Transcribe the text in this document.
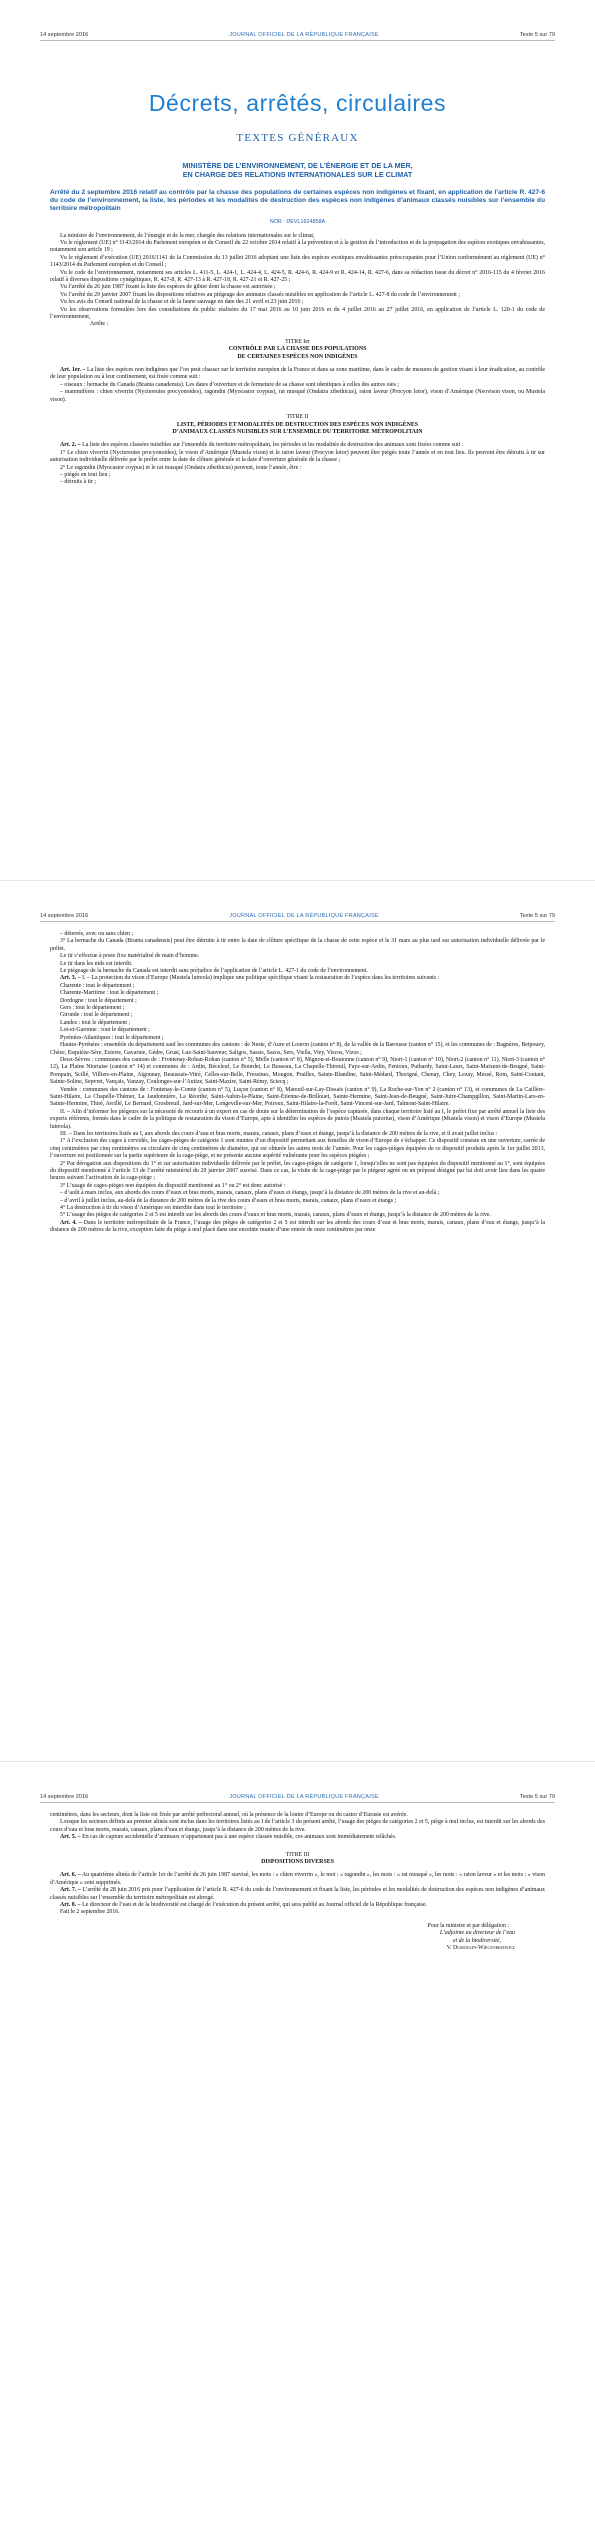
14 septembre 2016	JOURNAL OFFICIEL DE LA RÉPUBLIQUE FRANÇAISE	Texte 5 sur 79

Décrets, arrêtés, circulaires

TEXTES GÉNÉRAUX

MINISTÈRE DE L’ENVIRONNEMENT, DE L’ÉNERGIE ET DE LA MER,

EN CHARGE DES RELATIONS INTERNATIONALES SUR LE CLIMAT

Arrêté du 2 septembre 2016 relatif au contrôle par la chasse des populations de certaines espèces non indigènes et fixant, en application de l’article R. 427-6 du code de l’environnement, la liste, les périodes et les modalités de destruction des espèces non indigènes d’animaux classés nuisibles sur l’ensemble du territoire métropolitain

NOR : DEVL1624858A

La ministre de l’environnement, de l’énergie et de la mer, chargée des relations internationales sur le climat,

Vu le règlement (UE) n° 1143/2014 du Parlement européen et du Conseil du 22 octobre 2014 relatif à la prévention et à la gestion de l’introduction et de la propagation des espèces exotiques envahissantes, notamment son article 19 ;

Vu le règlement d’exécution (UE) 2016/1141 de la Commission du 13 juillet 2016 adoptant une liste des espèces exotiques envahissantes préoccupantes pour l’Union conformément au règlement (UE) n° 1143/2014 du Parlement européen et du Conseil ;

Vu le code de l’environnement, notamment ses articles L. 411-5, L. 424-1, L. 424-4, L. 424-5, R. 424-6, R. 424-9 et R. 424-14, R. 427-6, dans sa rédaction issue du décret n° 2016-115 du 4 février 2016 relatif à diverses dispositions cynégétiques, R. 427-8, R. 427-13 à R. 427-18, R. 427-21 et R. 427-25 ;

Vu l’arrêté du 26 juin 1987 fixant la liste des espèces de gibier dont la chasse est autorisée ;

Vu l’arrêté du 29 janvier 2007 fixant les dispositions relatives au piégeage des animaux classés nuisibles en application de l’article L. 427-8 du code de l’environnement ;

Vu les avis du Conseil national de la chasse et de la faune sauvage en date des 21 avril et 23 juin 2016 ;

Vu les observations formulées lors des consultations du public réalisées du 17 mai 2016 au 10 juin 2016 et du 4 juillet 2016 au 27 juillet 2016, en application de l’article L. 120-1 du code de l’environnement,

Arrête :

TITRE Ier

CONTRÔLE PAR LA CHASSE DES POPULATIONS

DE CERTAINES ESPÈCES NON INDIGÈNES

Art. 1er. – La liste des espèces non indigènes que l’on peut chasser sur le territoire européen de la France et dans sa zone maritime, dans le cadre de mesures de gestion visant à leur éradication, au contrôle de leur population ou à leur confinement, est fixée comme suit :

– oiseaux : bernache du Canada (Branta canadensis). Les dates d’ouverture et de fermeture de sa chasse sont identiques à celles des autres oies ;

– mammifères : chien viverrin (Nyctereutes procyonoides), ragondin (Myocastor coypus), rat musqué (Ondatra zibethicus), raton laveur (Procyon lotor), vison d’Amérique (Neovison vison, ou Mustela vison).

TITRE II

LISTE, PÉRIODES ET MODALITÉS DE DESTRUCTION DES ESPÈCES NON INDIGÈNES

D’ANIMAUX CLASSÉS NUISIBLES SUR L’ENSEMBLE DU TERRITOIRE MÉTROPOLITAIN

Art. 2. – La liste des espèces classées nuisibles sur l’ensemble du territoire métropolitain, les périodes et les modalités de destruction des animaux sont fixées comme suit :

1° Le chien viverrin (Nyctereutes procyonoides), le vison d’Amérique (Mustela vison) et le raton laveur (Procyon lotor) peuvent être piégés toute l’année et en tout lieu. Ils peuvent être détruits à tir sur autorisation individuelle délivrée par le préfet entre la date de clôture générale et la date d’ouverture générale de la chasse ;

2° Le ragondin (Myocastor coypus) et le rat musqué (Ondatra zibethicus) peuvent, toute l’année, être :

– piégés en tout lieu ;

– détruits à tir ;

14 septembre 2016	JOURNAL OFFICIEL DE LA RÉPUBLIQUE FRANÇAISE	Texte 5 sur 79

– déterrés, avec ou sans chien ;

3° La bernache du Canada (Branta canadensis) peut être détruite à tir entre la date de clôture spécifique de la chasse de cette espèce et le 31 mars au plus tard sur autorisation individuelle délivrée par le préfet.

Le tir s’effectue à poste fixe matérialisé de main d’homme.

Le tir dans les nids est interdit.

Le piégeage de la bernache du Canada est interdit sans préjudice de l’application de l’article L. 427-1 du code de l’environnement.

Art. 3. – I. – La protection du vison d’Europe (Mustela lutreola) implique une politique spécifique visant la restauration de l’espèce dans les territoires suivants :

Charente : tout le département ;

Charente-Maritime : tout le département ;

Dordogne : tout le département ;

Gers : tout le département ;

Gironde : tout le département ;

Landes : tout le département ;

Lot-et-Garonne : tout le département ;

Pyrénées-Atlantiques : tout le département ;

Hautes-Pyrénées : ensemble du département sauf les communes des cantons : de Neste, d’Aure et Louron (canton n° 8), de la vallée de la Barousse (canton n° 15), et les communes de : Bagnères, Betpouey, Chèze, Esquièze-Sère, Esterre, Gavarnie, Gèdre, Grust, Luz-Saint-Sauveur, Saligos, Sassis, Sazos, Sers, Viella, Viey, Viscos, Vizos ;

Deux-Sèvres : communes des cantons de : Frontenay-Rohan-Rohan (canton n° 5), Melle (canton n° 8), Mignon-et-Boutonne (canton n° 9), Niort-1 (canton n° 10), Niort-2 (canton n° 11), Niort-3 (canton n° 12), La Plaine Niortaise (canton n° 14) et communes de : Ardin, Béceleuf, Le Bourdet, Le Busseau, La Chapelle-Thireuil, Faye-sur-Ardin, Fenioux, Puihardy, Saint-Laurs, Saint-Maixent-de-Beugné, Saint-Pompain, Scillé, Villiers-en-Plaine, Aigonnay, Beaussais-Vitré, Celles-sur-Belle, Fressines, Mougon, Prailles, Sainte-Blandine, Saint-Médard, Thorigné, Chenay, Chey, Lezay, Messé, Rom, Saint-Coutant, Sainte-Soline, Sepvret, Vançais, Vanzay, Coulonges-sur-l’Autize, Saint-Maxire, Saint-Rémy, Sciecq ;

Vendée : communes des cantons de : Fontenay-le-Comte (canton n° 5), Luçon (canton n° 8), Mareuil-sur-Lay-Dissais (canton n° 9), La Roche-sur-Yon n° 2 (canton n° 13), et communes de La Caillère-Saint-Hilaire, La Chapelle-Thémer, La Jaudonnière, La Réorthe, Saint-Aubin-la-Plaine, Saint-Étienne-de-Brillouet, Sainte-Hermine, Saint-Jean-de-Beugné, Saint-Juire-Champgillon, Saint-Martin-Lars-en-Sainte-Hermine, Thiré, Avrillé, Le Bernard, Grosbreuil, Jard-sur-Mer, Longeville-sur-Mer, Poiroux, Saint-Hilaire-la-Forêt, Saint-Vincent-sur-Jard, Talmont-Saint-Hilaire.

II. – Afin d’informer les piégeurs sur la nécessité de recourir à un expert en cas de doute sur la détermination de l’espèce capturée, dans chaque territoire listé au I, le préfet fixe par arrêté annuel la liste des experts référents, formés dans le cadre de la politique de restauration du vison d’Europe, apte à identifier les espèces de putois (Mustela putorius), vison d’Amérique (Mustela vison) et vison d’Europe (Mustela lutreola).

III. – Dans les territoires listés au I, aux abords des cours d’eau et bras morts, marais, canaux, plans d’eaux et étangs, jusqu’à la distance de 200 mètres de la rive, et il avait juillet inclus :

1° A l’exclusion des cages à corvidés, les cages-pièges de catégorie 1 sont munies d’un dispositif permettant aux femelles de vison d’Europe de s’échapper. Ce dispositif consiste en une ouverture, carrée de cinq centimètres par cinq centimètres ou circulaire de cinq centimètres de diamètre, qui est obturée les autres mois de l’année. Pour les cages-pièges équipées de ce dispositif produits après le 1er juillet 2013, l’ouverture est positionnée sur la partie supérieure de la cage-piège, et ne présente aucune aspérité vulnérante pour les espèces piégées ;

2° Par dérogation aux dispositions du 1° et sur autorisation individuelle délivrée par le préfet, les cages-pièges de catégorie 1, lorsqu’elles ne sont pas équipées du dispositif mentionné au 1°, sont équipées du dispositif mentionné à l’article 13 de l’arrêté ministériel du 29 janvier 2007 susvisé. Dans ce cas, la visite de la cage-piège par le piégeur agréé ou un préposé désigné par lui doit avoir lieu dans les quatre heures suivant l’activation de la cage-piège ;

3° L’usage de cages-pièges non équipées du dispositif mentionné au 1° ou 2° est donc autorisé :

– d’août à mars inclus, aux abords des cours d’eaux et bras morts, marais, canaux, plans d’eaux et étangs, jusqu’à la distance de 200 mètres de la rive et au-delà ;

– d’avril à juillet inclus, au-delà de la distance de 200 mètres de la rive des cours d’eaux et bras morts, marais, canaux, plans d’eaux et étangs ;

4° La destruction à tir du vison d’Amérique est interdite dans tout le territoire ;

5° L’usage des pièges de catégories 2 et 5 est interdit sur les abords des cours d’eaux et bras morts, marais, canaux, plans d’eaux et étangs, jusqu’à la distance de 200 mètres de la rive.

Art. 4. – Dans le territoire métropolitain de la France, l’usage des pièges de catégories 2 et 5 est interdit sur les abords des cours d’eau et bras morts, marais, canaux, plans d’eau et étangs, jusqu’à la distance de 200 mètres de la rive, exception faite du piège à œuf placé dans une enceinte munie d’une entrée de onze centimètres par onze

14 septembre 2016	JOURNAL OFFICIEL DE LA RÉPUBLIQUE FRANÇAISE	Texte 5 sur 79

centimètres, dans les secteurs, dont la liste est fixée par arrêté préfectoral annuel, où la présence de la loutre d’Europe ou du castor d’Eurasie est avérée.

Lorsque les secteurs définis au premier alinéa sont inclus dans les territoires listés au I de l’article 3 du présent arrêté, l’usage des pièges de catégories 2 et 5, piège à œuf inclus, est interdit sur les abords des cours d’eau et bras morts, marais, canaux, plans d’eau et étangs, jusqu’à la distance de 200 mètres de la rive.

Art. 5. – En cas de capture accidentelle d’animaux n’appartenant pas à une espèce classée nuisible, ces animaux sont immédiatement relâchés.

TITRE III

DISPOSITIONS DIVERSES

Art. 6. – Au quatrième alinéa de l’article 1er de l’arrêté du 26 juin 1987 susvisé, les mots : « chien viverrin », le mot : « ragondin », les mots : « rat musqué », les mots : « raton laveur » et les mots : « vison d’Amérique » sont supprimés.

Art. 7. – L’arrêté du 28 juin 2016 pris pour l’application de l’article R. 427-6 du code de l’environnement et fixant la liste, les périodes et les modalités de destruction des espèces non indigènes d’animaux classés nuisibles sur l’ensemble du territoire métropolitain est abrogé.

Art. 8. – Le directeur de l’eau et de la biodiversité est chargé de l’exécution du présent arrêté, qui sera publié au Journal officiel de la République française.

Fait le 2 septembre 2016.

Pour la ministre et par délégation :

L’adjointe au directeur de l’eau

et de la biodiversité,

V. Dumoulin-Wieczorkiewicz
